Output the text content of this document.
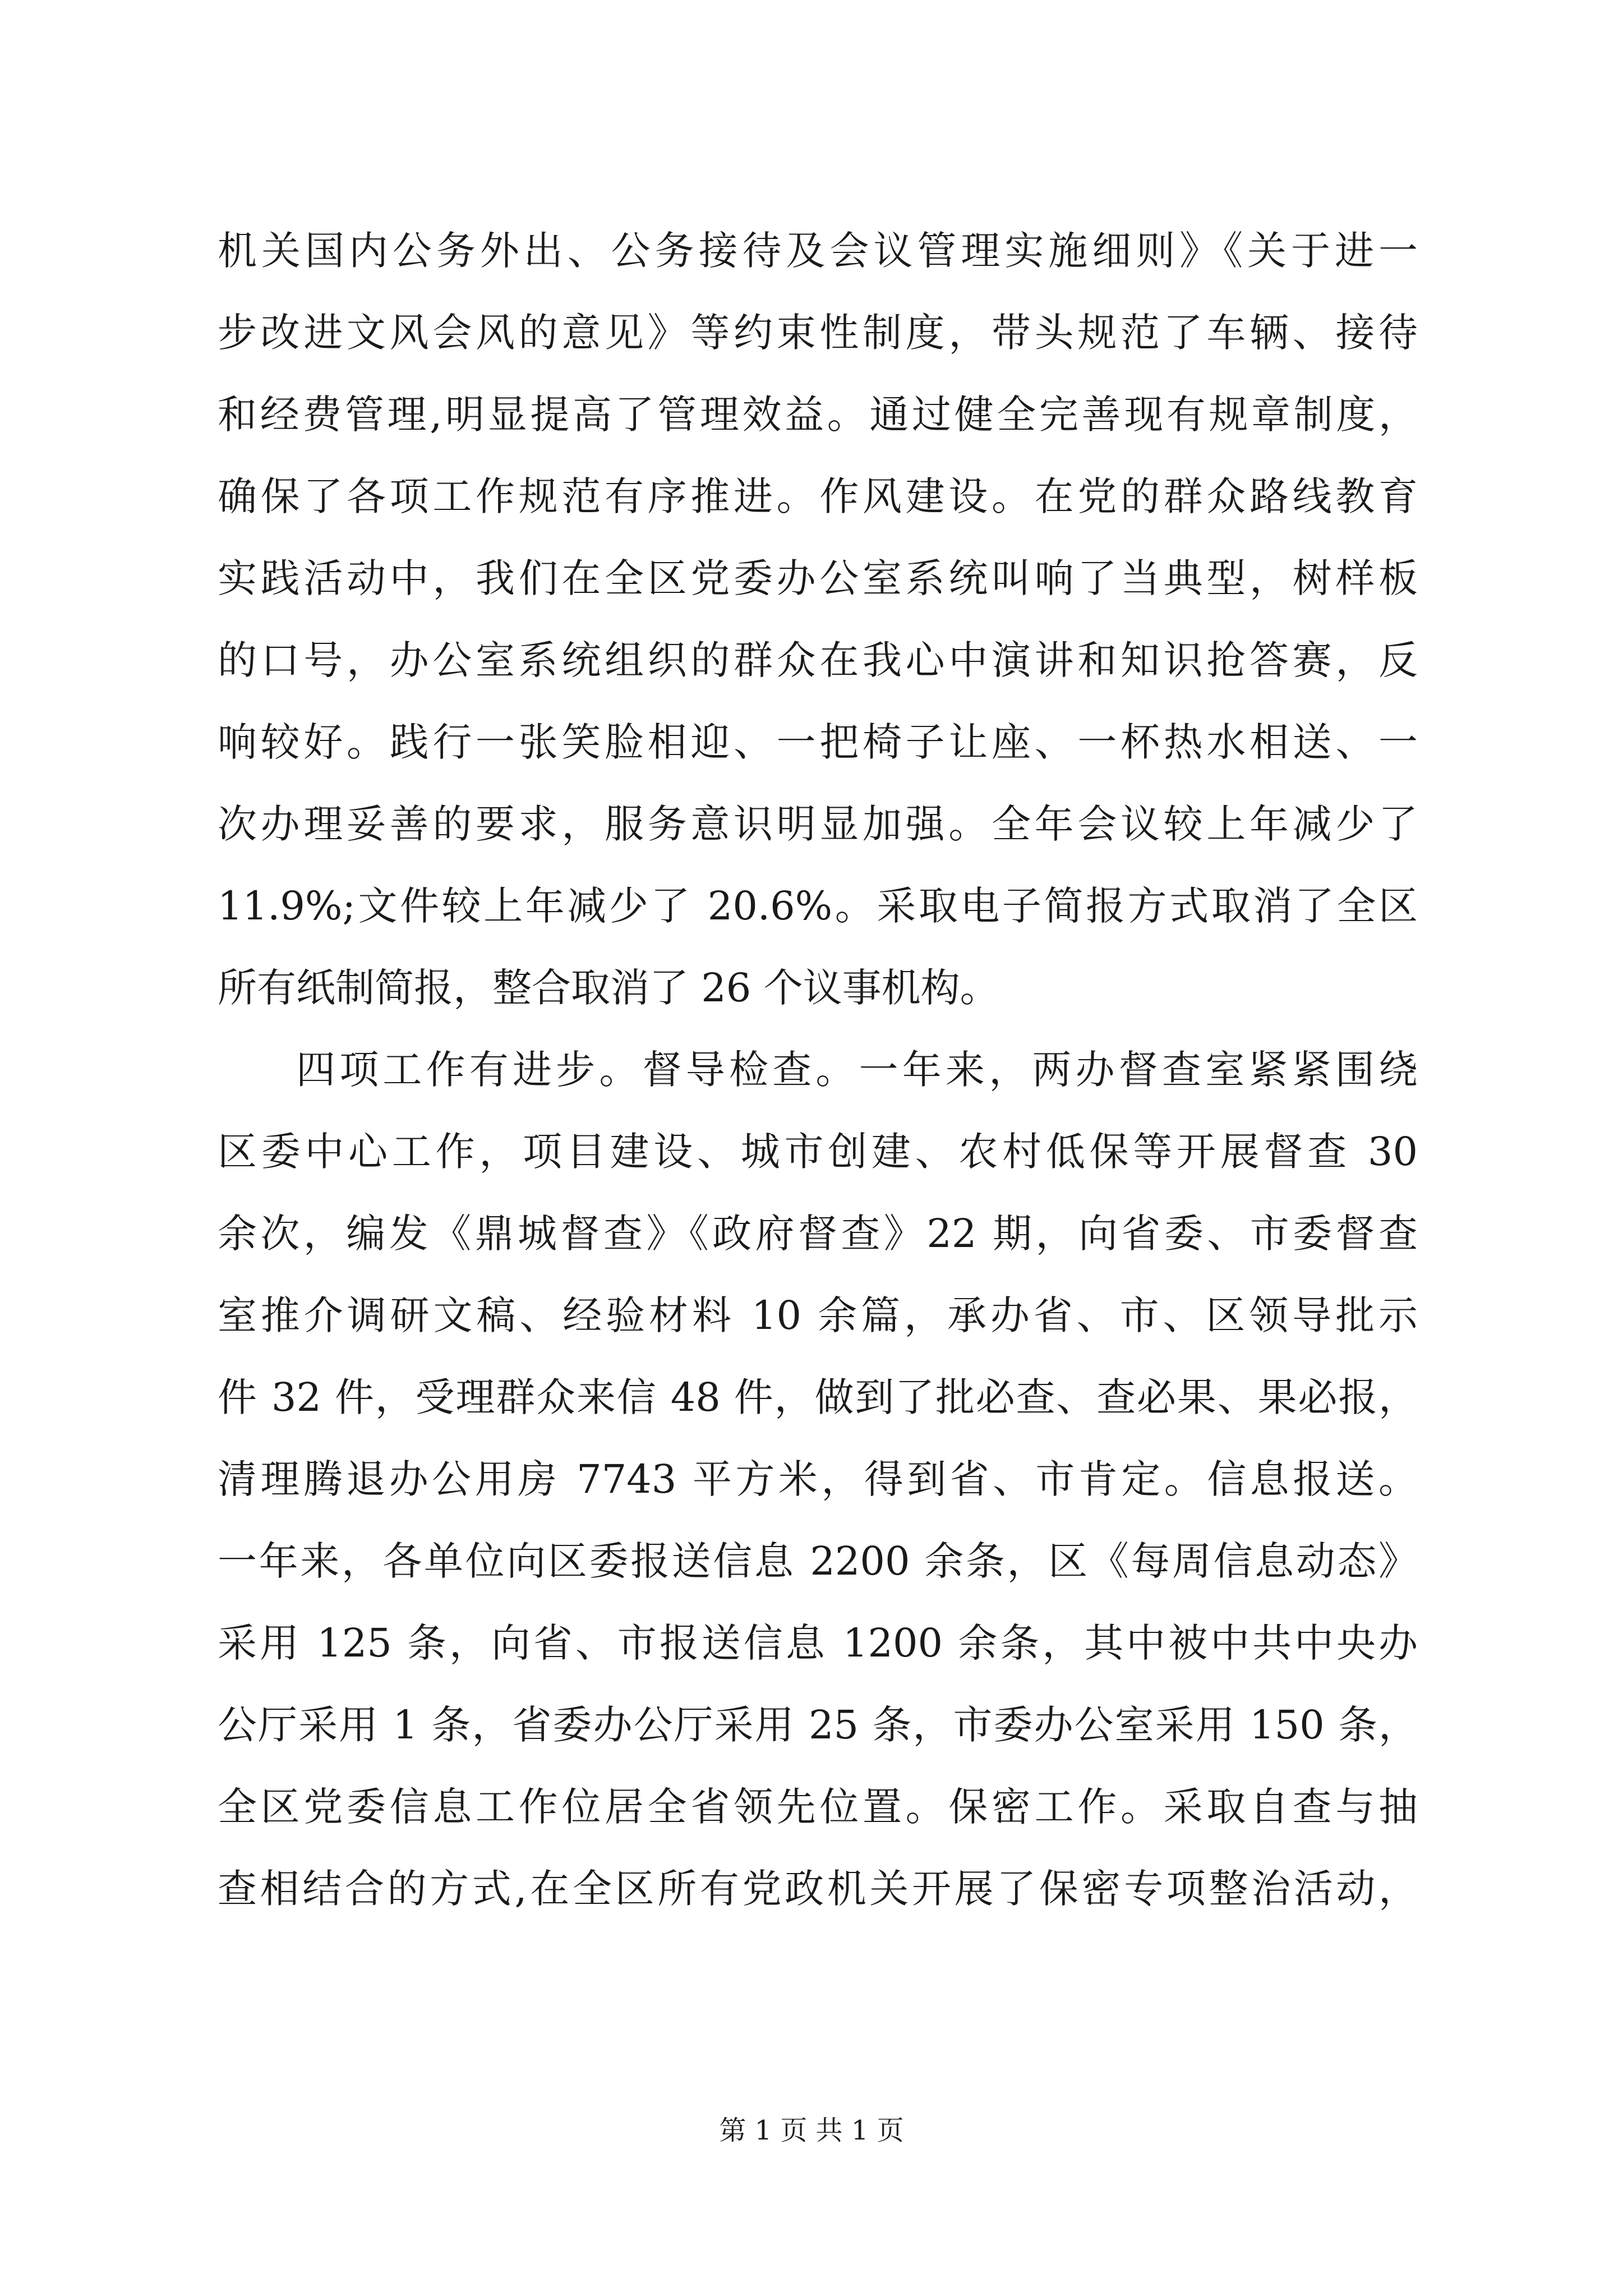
机关国内公务外出、公务接待及会议管理实施细则》《关于进一
步改进文风会风的意见》等约束性制度，带头规范了车辆、接待
和经费管理,明显提高了管理效益。通过健全完善现有规章制度，
确保了各项工作规范有序推进。作风建设。在党的群众路线教育
实践活动中，我们在全区党委办公室系统叫响了当典型，树样板
的口号，办公室系统组织的群众在我心中演讲和知识抢答赛，反
响较好。践行一张笑脸相迎、一把椅子让座、一杯热水相送、一
次办理妥善的要求，服务意识明显加强。全年会议较上年减少了
11.9%;文件较上年减少了 20.6%。采取电子简报方式取消了全区
所有纸制简报，整合取消了 26 个议事机构。
四项工作有进步。督导检查。一年来，两办督查室紧紧围绕
区委中心工作，项目建设、城市创建、农村低保等开展督查 30
余次，编发《鼎城督查》《政府督查》22 期，向省委、市委督查
室推介调研文稿、经验材料 10 余篇，承办省、市、区领导批示
件 32 件，受理群众来信 48 件，做到了批必查、查必果、果必报，
清理腾退办公用房 7743 平方米，得到省、市肯定。信息报送。
一年来，各单位向区委报送信息 2200 余条，区《每周信息动态》
采用 125 条，向省、市报送信息 1200 余条，其中被中共中央办
公厅采用 1 条，省委办公厅采用 25 条，市委办公室采用 150 条，
全区党委信息工作位居全省领先位置。保密工作。采取自查与抽
查相结合的方式,在全区所有党政机关开展了保密专项整治活动，
第 1 页 共 1 页
